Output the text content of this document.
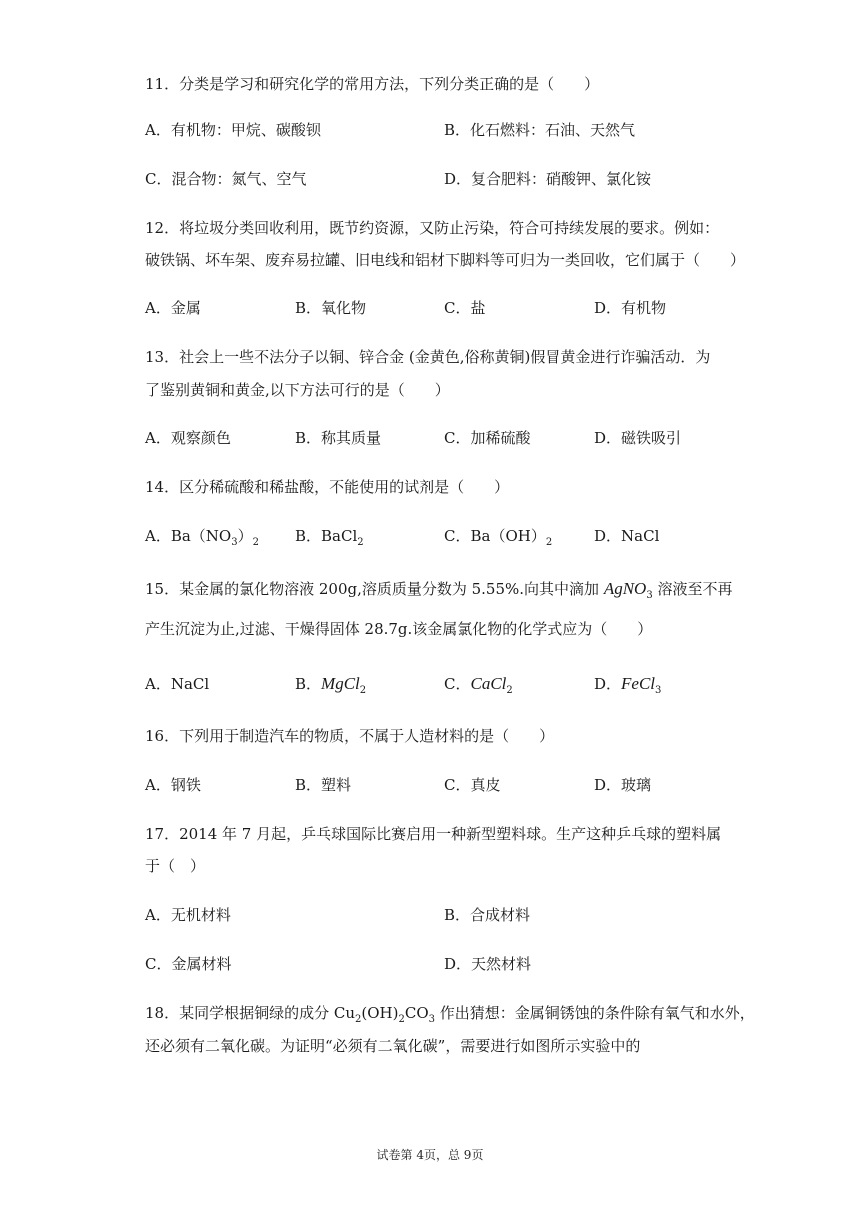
11．分类是学习和研究化学的常用方法，下列分类正确的是（　　）
A．有机物：甲烷、碳酸钡	B．化石燃料：石油、天然气
C．混合物：氮气、空气	D．复合肥料：硝酸钾、氯化铵
12．将垃圾分类回收利用，既节约资源，又防止污染，符合可持续发展的要求。例如：
破铁锅、坏车架、废弃易拉罐、旧电线和铝材下脚料等可归为一类回收，它们属于（　　）
A．金属	B．氧化物	C．盐	D．有机物
13．社会上一些不法分子以铜、锌合金 (金黄色,俗称黄铜)假冒黄金进行诈骗活动．为
了鉴别黄铜和黄金,以下方法可行的是（　　）
A．观察颜色	B．称其质量	C．加稀硫酸	D．磁铁吸引
14．区分稀硫酸和稀盐酸，不能使用的试剂是（　　）
A．$Ba(NO_3)_2$ B．BaCl$_2$	C．$Ba(OH)_2$	D．NaCl
15．某金属的氯化物溶液 200g,溶质质量分数为 5.55%.向其中滴加 AgNO$_3$ 溶液至不再
产生沉淀为止,过滤、干燥得固体 28.7g.该金属氯化物的化学式应为（　　）
A．NaCl	B．MgCl$_2$	C．CaCl$_2$	D．FeCl$_3$
16．下列用于制造汽车的物质，不属于人造材料的是（　　）
A．钢铁	B．塑料	C．真皮	D．玻璃
17．2014 年 7 月起，乒乓球国际比赛启用一种新型塑料球。生产这种乒乓球的塑料属
于（　）
A．无机材料	B．合成材料
C．金属材料	D．天然材料
18．某同学根据铜绿的成分 $Cu_2(OH)_2CO_3$ 作出猜想：金属铜锈蚀的条件除有氧气和水外，
还必须有二氧化碳。为证明“必须有二氧化碳”，需要进行如图所示实验中的
试卷第 4页，总 9页
